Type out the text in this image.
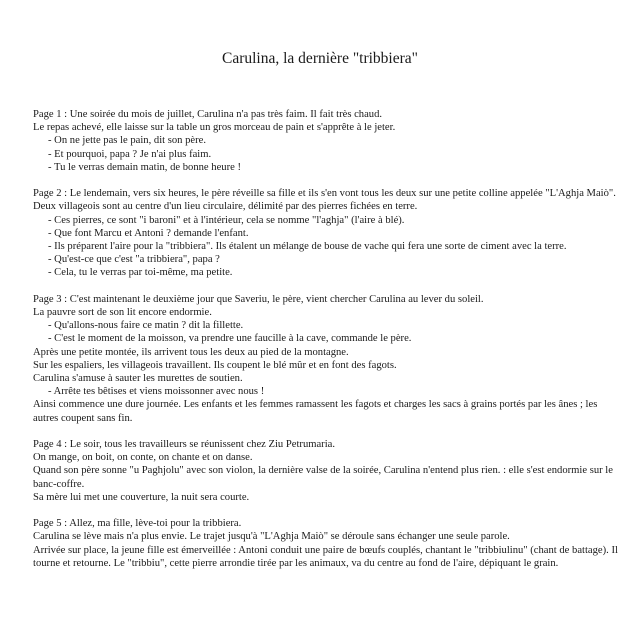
Carulina, la dernière "tribbiera"
Page 1 : Une soirée du mois de juillet, Carulina n'a pas très faim. Il fait très chaud.
Le repas achevé, elle laisse sur la table un gros morceau de pain et s'apprête à le jeter.
- On ne jette pas le pain, dit son père.
- Et pourquoi, papa ? Je n'ai plus faim.
- Tu le verras demain matin, de bonne heure !
Page 2 : Le lendemain, vers six heures, le père réveille sa fille et ils s'en vont tous les deux sur une petite colline appelée "L'Aghja Maiò".
Deux villageois sont au centre d'un lieu circulaire, délimité par des pierres fichées en terre.
- Ces pierres, ce sont "i baroni" et à l'intérieur, cela se nomme "l'aghja" (l'aire à blé).
- Que font Marcu et Antoni ? demande l'enfant.
- Ils préparent l'aire pour la "tribbiera". Ils étalent un mélange de bouse de vache qui fera une sorte de ciment avec la terre.
- Qu'est-ce que c'est "a tribbiera", papa ?
- Cela, tu le verras par toi-même, ma petite.
Page 3 : C'est maintenant le deuxième jour que Saveriu, le père, vient chercher Carulina au lever du soleil.
La pauvre sort de son lit encore endormie.
- Qu'allons-nous faire ce matin ? dit la fillette.
- C'est le moment de la moisson, va prendre une faucille à la cave, commande le père.
Après une petite montée, ils arrivent tous les deux au pied de la montagne.
Sur les espaliers, les villageois travaillent. Ils coupent le blé mûr et en font des fagots.
Carulina s'amuse à sauter les murettes de soutien.
- Arrête tes bêtises et viens moissonner avec nous !
Ainsi commence une dure journée. Les enfants et les femmes ramassent les fagots et charges les sacs à grains portés par les ânes ; les autres coupent sans fin.
Page 4 : Le soir, tous les travailleurs se réunissent chez Ziu Petrumaria.
On mange, on boit, on conte, on chante et on danse.
Quand son père sonne "u Paghjolu" avec son violon, la dernière valse de la soirée, Carulina n'entend plus rien. : elle s'est endormie sur le banc-coffre.
Sa mère lui met une couverture, la nuit sera courte.
Page 5 : Allez, ma fille, lève-toi pour la tribbiera.
Carulina se lève mais n'a plus envie. Le trajet jusqu'à "L'Aghja Maiò" se déroule sans échanger une seule parole.
Arrivée sur place, la jeune fille est émerveillée : Antoni conduit une paire de bœufs couplés, chantant le "tribbiulinu" (chant de battage). Il tourne et retourne. Le "tribbiu", cette pierre arrondie tirée par les animaux, va du centre au fond de l'aire, dépiquant le grain.
